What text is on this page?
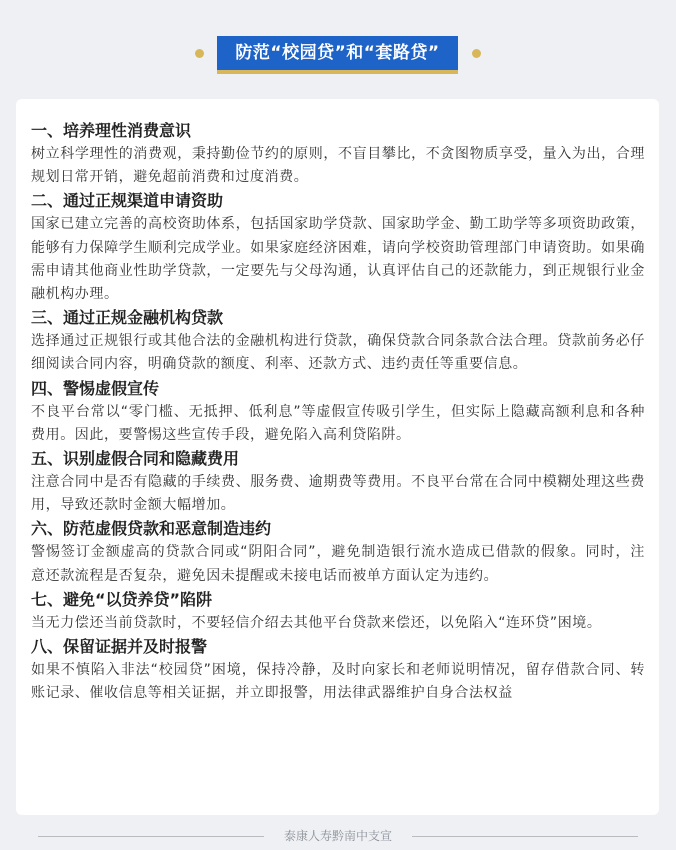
防范“校园贷”和“套路贷”

一、培养理性消费意识

树立科学理性的消费观，秉持勤俭节约的原则，不盲目攀比，不贪图物质享受，量入为出，合理规划日常开销，避免超前消费和过度消费。

二、通过正规渠道申请资助

国家已建立完善的高校资助体系，包括国家助学贷款、国家助学金、勤工助学等多项资助政策，能够有力保障学生顺利完成学业。如果家庭经济困难，请向学校资助管理部门申请资助。如果确需申请其他商业性助学贷款，一定要先与父母沟通，认真评估自己的还款能力，到正规银行业金融机构办理。

三、通过正规金融机构贷款

选择通过正规银行或其他合法的金融机构进行贷款，确保贷款合同条款合法合理。贷款前务必仔细阅读合同内容，明确贷款的额度、利率、还款方式、违约责任等重要信息。

四、警惕虚假宣传

不良平台常以“零门槛、无抵押、低利息”等虚假宣传吸引学生，但实际上隐藏高额利息和各种费用。因此，要警惕这些宣传手段，避免陷入高利贷陷阱。

五、识别虚假合同和隐藏费用

注意合同中是否有隐藏的手续费、服务费、逾期费等费用。不良平台常在合同中模糊处理这些费用，导致还款时金额大幅增加。

六、防范虚假贷款和恶意制造违约

警惕签订金额虚高的贷款合同或“阴阳合同”，避免制造银行流水造成已借款的假象。同时，注意还款流程是否复杂，避免因未提醒或未接电话而被单方面认定为违约。

七、避免“以贷养贷”陷阱

当无力偿还当前贷款时，不要轻信介绍去其他平台贷款来偿还，以免陷入“连环贷”困境。

八、保留证据并及时报警

如果不慎陷入非法“校园贷”困境，保持冷静，及时向家长和老师说明情况，留存借款合同、转账记录、催收信息等相关证据，并立即报警，用法律武器维护自身合法权益

泰康人寿黔南中支宣
